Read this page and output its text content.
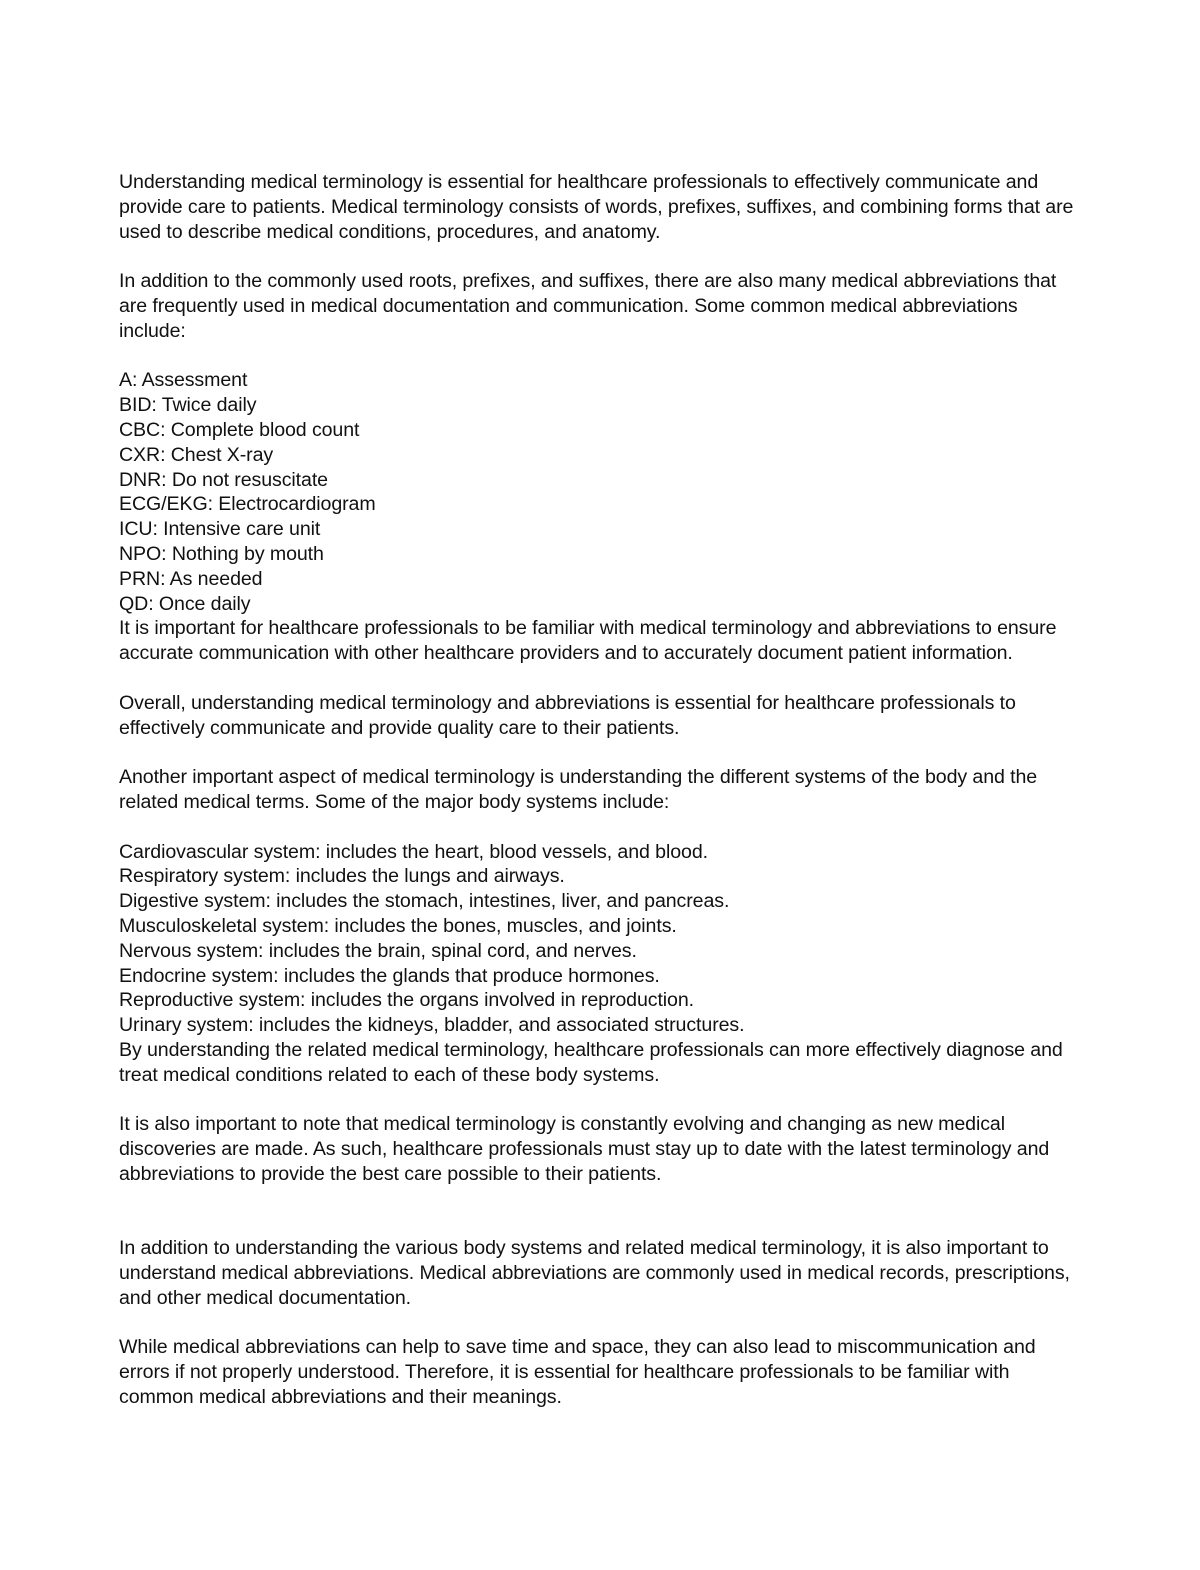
Understanding medical terminology is essential for healthcare professionals to effectively communicate and provide care to patients. Medical terminology consists of words, prefixes, suffixes, and combining forms that are used to describe medical conditions, procedures, and anatomy.

In addition to the commonly used roots, prefixes, and suffixes, there are also many medical abbreviations that are frequently used in medical documentation and communication. Some common medical abbreviations include:

A: Assessment
BID: Twice daily
CBC: Complete blood count
CXR: Chest X-ray
DNR: Do not resuscitate
ECG/EKG: Electrocardiogram
ICU: Intensive care unit
NPO: Nothing by mouth
PRN: As needed
QD: Once daily

It is important for healthcare professionals to be familiar with medical terminology and abbreviations to ensure accurate communication with other healthcare providers and to accurately document patient information.

Overall, understanding medical terminology and abbreviations is essential for healthcare professionals to effectively communicate and provide quality care to their patients.

Another important aspect of medical terminology is understanding the different systems of the body and the related medical terms. Some of the major body systems include:

Cardiovascular system: includes the heart, blood vessels, and blood.
Respiratory system: includes the lungs and airways.
Digestive system: includes the stomach, intestines, liver, and pancreas.
Musculoskeletal system: includes the bones, muscles, and joints.
Nervous system: includes the brain, spinal cord, and nerves.
Endocrine system: includes the glands that produce hormones.
Reproductive system: includes the organs involved in reproduction.
Urinary system: includes the kidneys, bladder, and associated structures.

By understanding the related medical terminology, healthcare professionals can more effectively diagnose and treat medical conditions related to each of these body systems.

It is also important to note that medical terminology is constantly evolving and changing as new medical discoveries are made. As such, healthcare professionals must stay up to date with the latest terminology and abbreviations to provide the best care possible to their patients.

In addition to understanding the various body systems and related medical terminology, it is also important to understand medical abbreviations. Medical abbreviations are commonly used in medical records, prescriptions, and other medical documentation.

While medical abbreviations can help to save time and space, they can also lead to miscommunication and errors if not properly understood. Therefore, it is essential for healthcare professionals to be familiar with common medical abbreviations and their meanings.
